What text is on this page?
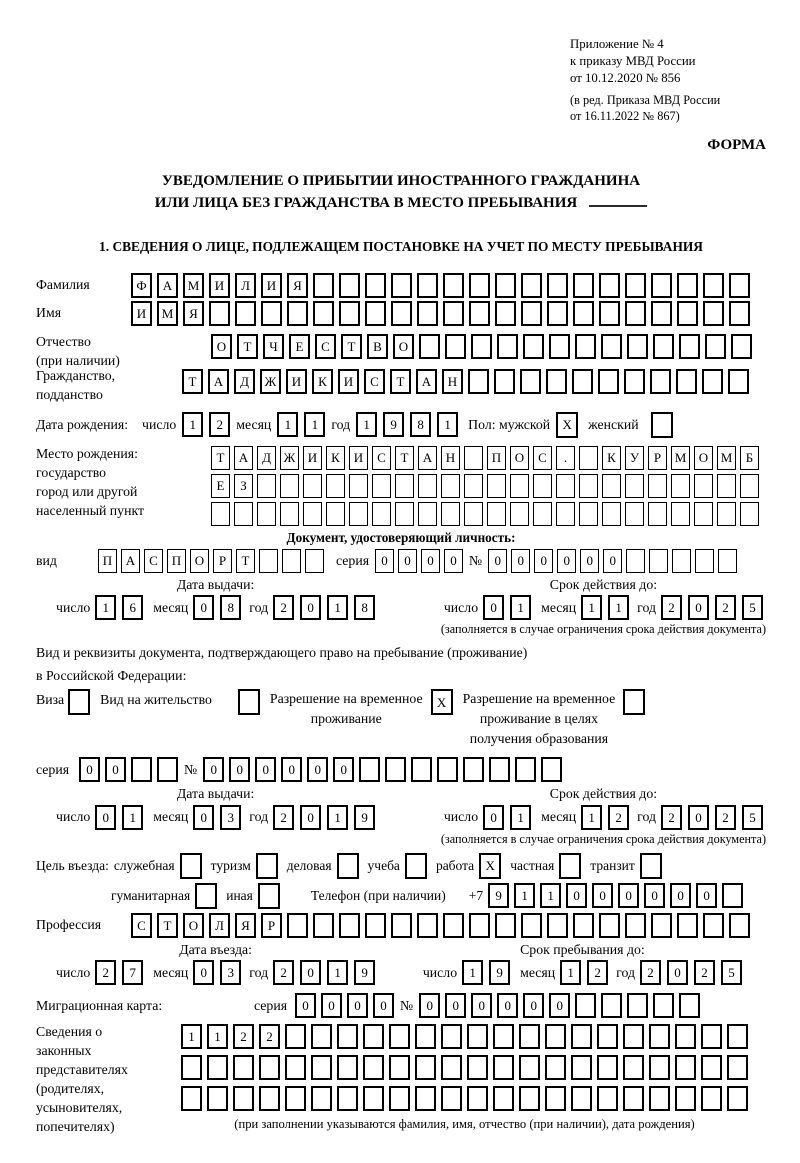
Приложение № 4
к приказу МВД России
от 10.12.2020 № 856
(в ред. Приказа МВД России
от 16.11.2022 № 867)
ФОРМА
УВЕДОМЛЕНИЕ О ПРИБЫТИИ ИНОСТРАННОГО ГРАЖДАНИНА
ИЛИ ЛИЦА БЕЗ ГРАЖДАНСТВА В МЕСТО ПРЕБЫВАНИЯ
1. СВЕДЕНИЯ О ЛИЦЕ, ПОДЛЕЖАЩЕМ ПОСТАНОВКЕ НА УЧЕТ ПО МЕСТУ ПРЕБЫВАНИЯ
Фамилия	Ф	А	М	И	Л	И	Я
Имя	И	М	Я
Отчество
(при наличии)
О	Т	Ч	Е	С	Т	В	О
Гражданство,
подданство
Т	А	Д	Ж	И	К	И	С	Т	А	Н
Дата рождения: число	1	2 месяц	1	1 год	1	9	8	1	Пол: мужской X	женский
Место рождения:
государство
город или другой
населенный пункт
Т	А	Д Ж И	К	И	С	Т	А	Н	П	О	С	.	К	У	Р	М О М	Б
Е	З
Документ, удостоверяющий личность:
вид	П	А	С	П	О	Р	Т	серия 0	0	0	0 № 0	0	0	0	0	0
Дата выдачи:
число 1	6	месяц 0	8	год 2	0	1	8
Срок действия до:
число 0	1	месяц 1	1	год 2	0	2	5
(заполняется в случае ограничения срока действия документа)
Вид и реквизиты документа, подтверждающего право на пребывание (проживание)
в Российской Федерации:
Виза	Вид на жительство	Разрешение на временное
проживание
X	Разрешение на временное
проживание в целях
получения образования
серия	0	0	№	0	0	0	0	0	0
Дата выдачи:
число 0	1	месяц 0	3	год 2	0	1	9
Срок действия до:
число 0	1	месяц 1	2	год 2	0	2	5
(заполняется в случае ограничения срока действия документа)
Цель въезда: служебная	туризм	деловая	учеба	работа X	частная	транзит
гуманитарная	иная	Телефон (при наличии) +7 9	1	1	0	0	0	0	0	0
Профессия	С	Т	О	Л	Я	Р
Дата въезда:
число 2	7	месяц 0	3	год 2	0	1	9
Срок пребывания до:
число 1	9	месяц 1	2	год 2	0	2	5
Миграционная карта:	серия	0	0	0	0 №	0	0	0	0	0	0
Сведения о
законных
представителях
(родителях,
усыновителях,
попечителях)
1	1	2	2
(при заполнении указываются фамилия, имя, отчество (при наличии), дата рождения)
